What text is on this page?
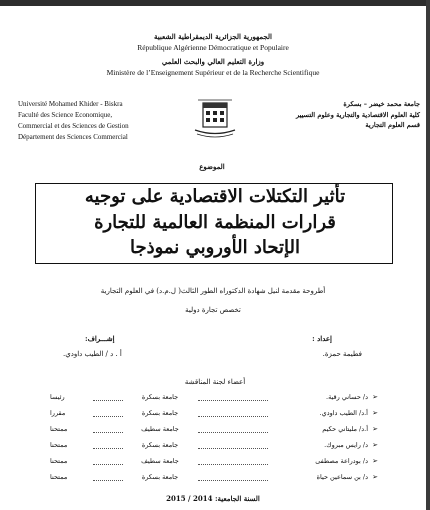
الجمهورية الجزائرية الديمقراطية الشعبية
République Algérienne Démocratique et Populaire
وزارة التعليم العالي والبحث العلمي
Ministère de l’Enseignement Supérieur et de la Recherche Scientifique
Université Mohamed Khider - Biskra
Faculté des Science Economique,
Commercial et des Sciences de Gestion
Département des Sciences Commercial
جامعة محمد خيضر – بسكرة
كلية العلوم الاقتصادية والتجارية وعلوم التسيير
قسم العلوم التجارية
الموضوع
تأثير التكتلات الاقتصادية على توجيه
قرارات المنظمة العالمية للتجارة
الإتحاد الأوروبي نموذجا
أطروحة مقدمة لنيل شهادة الدكتوراه الطور الثالث( ل.م.د) في العلوم التجارية
تخصص تجارة دولية
إعداد :
إشـــراف:
فطيمة حمزة.
أ . د / الطيب داودي.
أعضاء لجنة المناقشة
➢
د/ حساني رقية.
جامعة بسكرة
رئيسا
➢
أ.د/ الطيب داودي.
جامعة بسكرة
مقررا
➢
أ.د/ مليتاني حكيم
جامعة سطيف
ممتحنا
➢
د/ رايس مبروك.
جامعة بسكرة
ممتحنا
➢
د/ بودراعة مصطفى
جامعة سطيف
ممتحنا
➢
د/ بن سماعين حياة
جامعة بسكرة
ممتحنا
السنة الجامعية: 2014 / 2015
